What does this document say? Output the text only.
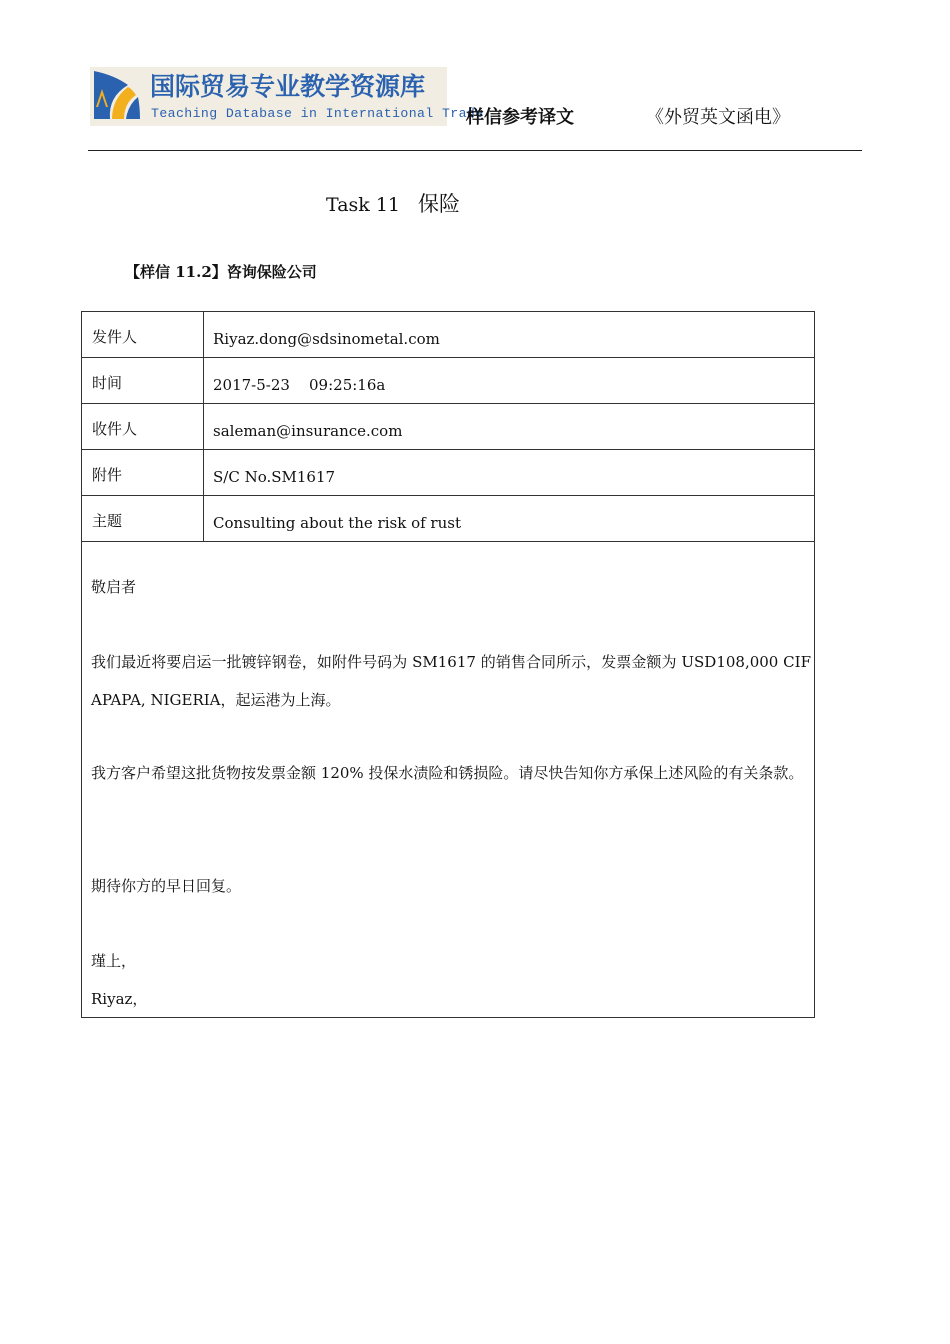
国际贸易专业教学资源库
Teaching Database in International Trade
样信参考译文	《外贸英文函电》
Task 11 保险
【样信 11.2】咨询保险公司
发件人	Riyaz.dong@sdsinometal.com
时间	2017-5-23    09:25:16a
收件人	saleman@insurance.com
附件	S/C No.SM1617
主题	Consulting about the risk of rust
敬启者
我们最近将要启运一批镀锌钢卷，如附件号码为 SM1617 的销售合同所示，发票金额为 USD108,000 CIF APAPA, NIGERIA，起运港为上海。
我方客户希望这批货物按发票金额 120% 投保水渍险和锈损险。请尽快告知你方承保上述风险的有关条款。
期待你方的早日回复。
瑾上，
Riyaz，
